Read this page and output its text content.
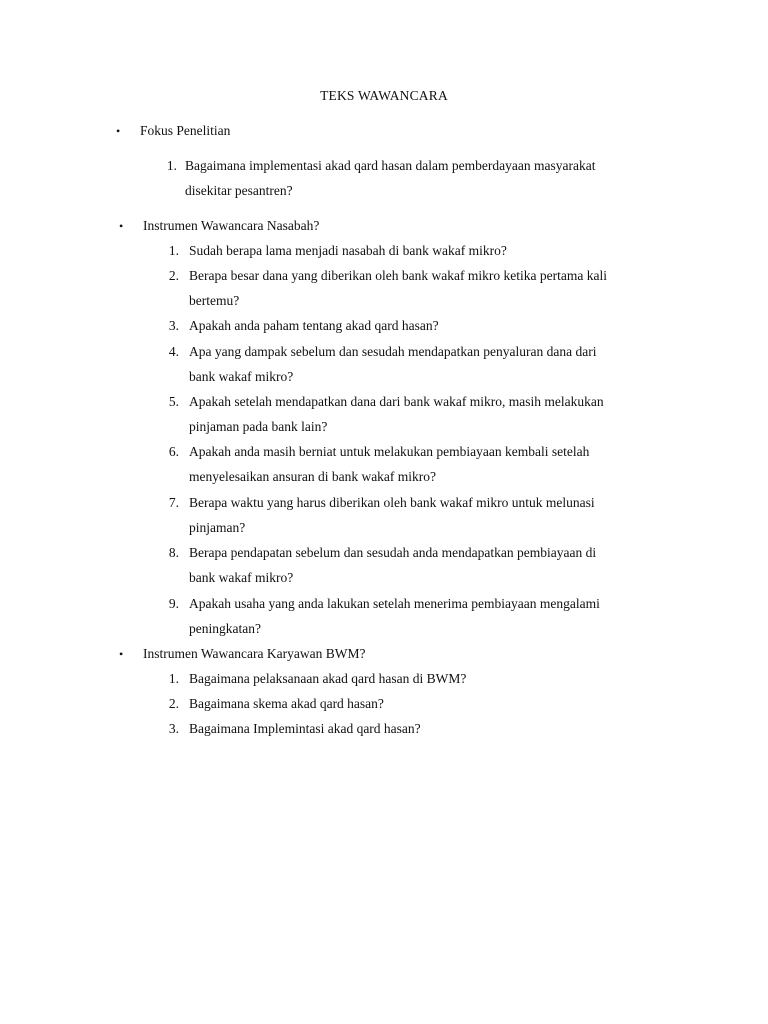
TEKS WAWANCARA
• Fokus Penelitian
1. Bagaimana implementasi akad qard hasan dalam pemberdayaan masyarakat
disekitar pesantren?
• Instrumen Wawancara Nasabah?
1. Sudah berapa lama menjadi nasabah di bank wakaf mikro?
2. Berapa besar dana yang diberikan oleh bank wakaf mikro ketika pertama kali
bertemu?
3. Apakah anda paham tentang akad qard hasan?
4. Apa yang dampak sebelum dan sesudah mendapatkan penyaluran dana dari
bank wakaf mikro?
5. Apakah setelah mendapatkan dana dari bank wakaf mikro, masih melakukan
pinjaman pada bank lain?
6. Apakah anda masih berniat untuk melakukan pembiayaan kembali setelah
menyelesaikan ansuran di bank wakaf mikro?
7. Berapa waktu yang harus diberikan oleh bank wakaf mikro untuk melunasi
pinjaman?
8. Berapa pendapatan sebelum dan sesudah anda mendapatkan pembiayaan di
bank wakaf mikro?
9. Apakah usaha yang anda lakukan setelah menerima pembiayaan mengalami
peningkatan?
• Instrumen Wawancara Karyawan BWM?
1. Bagaimana pelaksanaan akad qard hasan di BWM?
2. Bagaimana skema akad qard hasan?
3. Bagaimana Implemintasi akad qard hasan?
